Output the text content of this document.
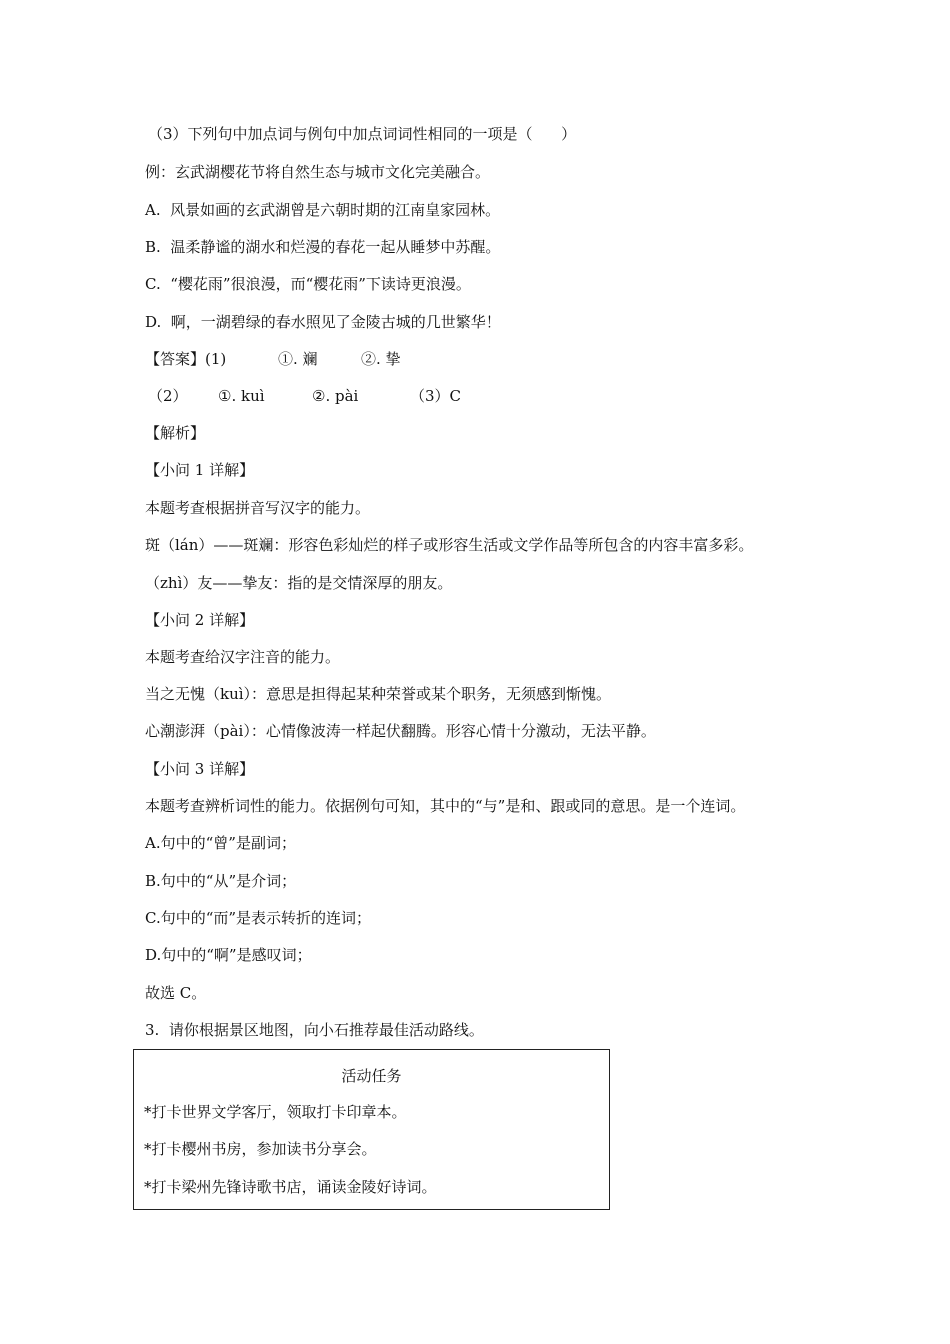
（3）下列句中加点词与例句中加点词词性相同的一项是（      ）
例：玄武湖樱花节将自然生态与城市文化完美融合。
A.  风景如画的玄武湖曾是六朝时期的江南皇家园林。
B.  温柔静谧的湖水和烂漫的春花一起从睡梦中苏醒。
C.  “樱花雨”很浪漫，而“樱花雨”下读诗更浪漫。
D.  啊，一湖碧绿的春水照见了金陵古城的几世繁华！
【答案】(1)	①. 斓	②. 挚
（2） ①. kuì	②. pài	（3）C
【解析】
【小问 1 详解】
本题考查根据拼音写汉字的能力。
斑（lán）——斑斓：形容色彩灿烂的样子或形容生活或文学作品等所包含的内容丰富多彩。
（zhì）友——挚友：指的是交情深厚的朋友。
【小问 2 详解】
本题考查给汉字注音的能力。
当之无愧（kuì）：意思是担得起某种荣誉或某个职务，无须感到惭愧。
心潮澎湃（pài）：心情像波涛一样起伏翻腾。形容心情十分激动，无法平静。
【小问 3 详解】
本题考查辨析词性的能力。依据例句可知，其中的“与”是和、跟或同的意思。是一个连词。
A.句中的“曾”是副词；
B.句中的“从”是介词；
C.句中的“而”是表示转折的连词；
D.句中的“啊”是感叹词；
故选 C。
3.  请你根据景区地图，向小石推荐最佳活动路线。
活动任务
*打卡世界文学客厅，领取打卡印章本。
*打卡樱州书房，参加读书分享会。
*打卡梁州先锋诗歌书店，诵读金陵好诗词。
